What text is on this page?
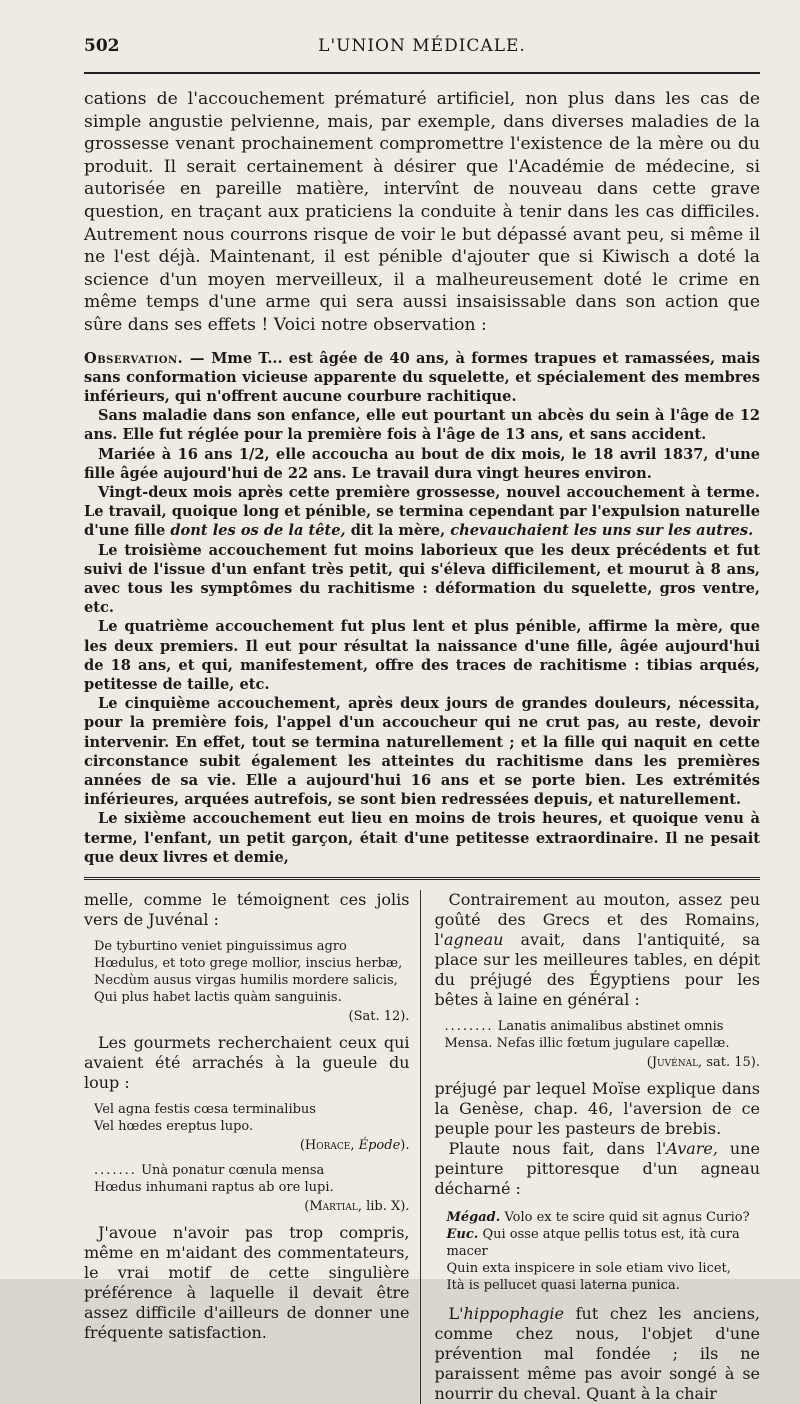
502	L'UNION MÉDICALE.

cations de l'accouchement prématuré artificiel, non plus dans les cas de simple angustie pelvienne, mais, par exemple, dans diverses maladies de la grossesse venant prochainement compromettre l'existence de la mère ou du produit. Il serait certainement à désirer que l'Académie de médecine, si autorisée en pareille matière, intervînt de nouveau dans cette grave question, en traçant aux praticiens la conduite à tenir dans les cas difficiles. Autrement nous courrons risque de voir le but dépassé avant peu, si même il ne l'est déjà. Maintenant, il est pénible d'ajouter que si Kiwisch a doté la science d'un moyen merveilleux, il a malheureusement doté le crime en même temps d'une arme qui sera aussi insaisissable dans son action que sûre dans ses effets ! Voici notre observation :

Observation. — Mme T... est âgée de 40 ans, à formes trapues et ramassées, mais sans conformation vicieuse apparente du squelette, et spécialement des membres inférieurs, qui n'offrent aucune courbure rachitique.

Sans maladie dans son enfance, elle eut pourtant un abcès du sein à l'âge de 12 ans. Elle fut réglée pour la première fois à l'âge de 13 ans, et sans accident.

Mariée à 16 ans 1/2, elle accoucha au bout de dix mois, le 18 avril 1837, d'une fille âgée aujourd'hui de 22 ans. Le travail dura vingt heures environ.

Vingt-deux mois après cette première grossesse, nouvel accouchement à terme. Le travail, quoique long et pénible, se termina cependant par l'expulsion naturelle d'une fille dont les os de la tête, dit la mère, chevauchaient les uns sur les autres.

Le troisième accouchement fut moins laborieux que les deux précédents et fut suivi de l'issue d'un enfant très petit, qui s'éleva difficilement, et mourut à 8 ans, avec tous les symptômes du rachitisme : déformation du squelette, gros ventre, etc.

Le quatrième accouchement fut plus lent et plus pénible, affirme la mère, que les deux premiers. Il eut pour résultat la naissance d'une fille, âgée aujourd'hui de 18 ans, et qui, manifestement, offre des traces de rachitisme : tibias arqués, petitesse de taille, etc.

Le cinquième accouchement, après deux jours de grandes douleurs, nécessita, pour la première fois, l'appel d'un accoucheur qui ne crut pas, au reste, devoir intervenir. En effet, tout se termina naturellement ; et la fille qui naquit en cette circonstance subit également les atteintes du rachitisme dans les premières années de sa vie. Elle a aujourd'hui 16 ans et se porte bien. Les extrémités inférieures, arquées autrefois, se sont bien redressées depuis, et naturellement.

Le sixième accouchement eut lieu en moins de trois heures, et quoique venu à terme, l'enfant, un petit garçon, était d'une petitesse extraordinaire. Il ne pesait que deux livres et demie,

melle, comme le témoignent ces jolis vers de Juvénal :

De tyburtino veniet pinguissimus agro
Hœdulus, et toto grege mollior, inscius herbæ,
Necdùm ausus virgas humilis mordere salicis,
Qui plus habet lactis quàm sanguinis.
(Sat. 12).

Les gourmets recherchaient ceux qui avaient été arrachés à la gueule du loup :

Vel agna festis cœsa terminalibus
Vel hœdes ereptus lupo.
(Horace, Épode).
....... Unà ponatur cœnula mensa
Hœdus inhumani raptus ab ore lupi.
(Martial, lib. X).

J'avoue n'avoir pas trop compris, même en m'aidant des commentateurs, le vrai motif de cette singulière préférence à laquelle il devait être assez difficile d'ailleurs de donner une fréquente satisfaction.

Contrairement au mouton, assez peu goûté des Grecs et des Romains, l'agneau avait, dans l'antiquité, sa place sur les meilleures tables, en dépit du préjugé des Égyptiens pour les bêtes à laine en général :

........ Lanatis animalibus abstinet omnis
Mensa. Nefas illic fœtum jugulare capellæ.
(Juvénal, sat. 15).

préjugé par lequel Moïse explique dans la Genèse, chap. 46, l'aversion de ce peuple pour les pasteurs de brebis.

Plaute nous fait, dans l'Avare, une peinture pittoresque d'un agneau décharné :

Mégad. Volo ex te scire quid sit agnus Curio?
Euc. Qui osse atque pellis totus est, ità cura macer
Quin exta inspicere in sole etiam vivo licet,
Ità is pellucet quasi laterna punica.

L'hippophagie fut chez les anciens, comme chez nous, l'objet d'une prévention mal fondée ; ils ne paraissent même pas avoir songé à se nourrir du cheval. Quant à la chair
